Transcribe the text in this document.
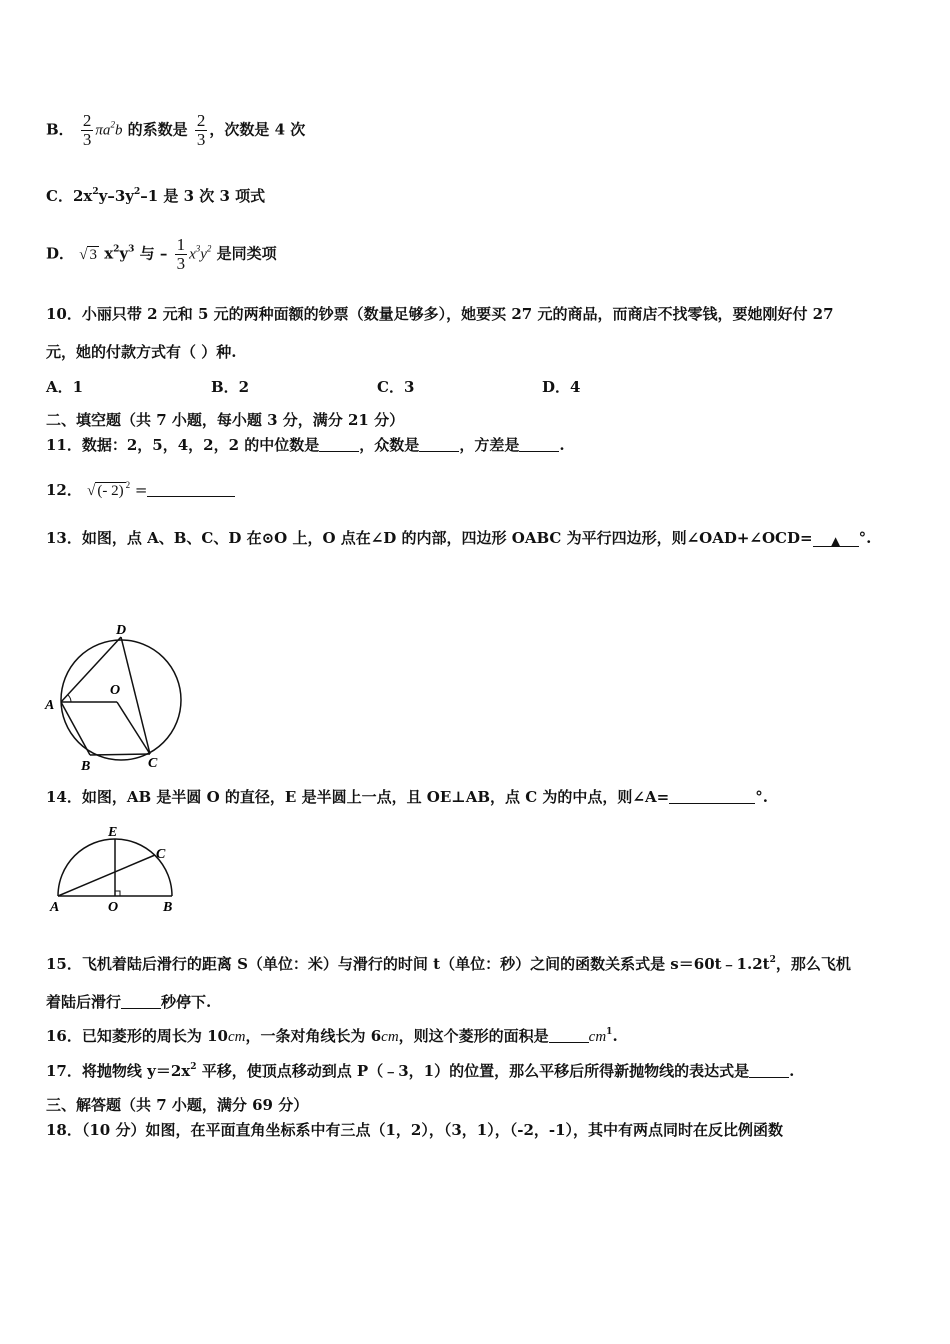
B． $\frac{2}{3} \pi a^2b$ 的系数是 $\frac{2}{3}$ ，次数是 4 次
C．$2x^2y-3y^2-1$ 是 3 次 3 项式
D． √ 3 $x^2y^3$ 与 – $\frac{1}{3} x^3y^2$ 是同类项
10．小丽只带 2 元和 5 元的两种面额的钞票（数量足够多），她要买 27 元的商品，而商店不找零钱，要她刚好付 27
元，她的付款方式有（ ）种.
A．1	B．2	C．3	D．4
二、填空题（共 7 小题，每小题 3 分，满分 21 分）
11．数据：2，5，4，2，2 的中位数是	，众数是	，方差是	.
12． √ (- 2) $^2$ =
13．如图，点 A、B、C、D 在⊙O 上，O 点在∠D 的内部，四边形 OABC 为平行四边形，则∠OAD+∠OCD= ▲ °.
D
O
A
B	C
14．如图，AB 是半圆 O 的直径，E 是半圆上一点，且 OE⊥AB，点 C 为的中点，则∠A=	°.
E
C
A	O	B
15．飞机着陆后滑行的距离 S（单位：米）与滑行的时间 t（单位：秒）之间的函数关系式是 $s=60t﹣1.2t^2$，那么飞机
着陆后滑行	秒停下.
16．已知菱形的周长为 10cm，一条对角线长为 6cm，则这个菱形的面积是	$cm^1$.
17．将抛物线 $y=2x^2$ 平移，使顶点移动到点 P（﹣3，1）的位置，那么平移后所得新抛物线的表达式是	.
三、解答题（共 7 小题，满分 69 分）
18．（10 分）如图，在平面直角坐标系中有三点（1，2），（3，1），（-2，-1），其中有两点同时在反比例函数
